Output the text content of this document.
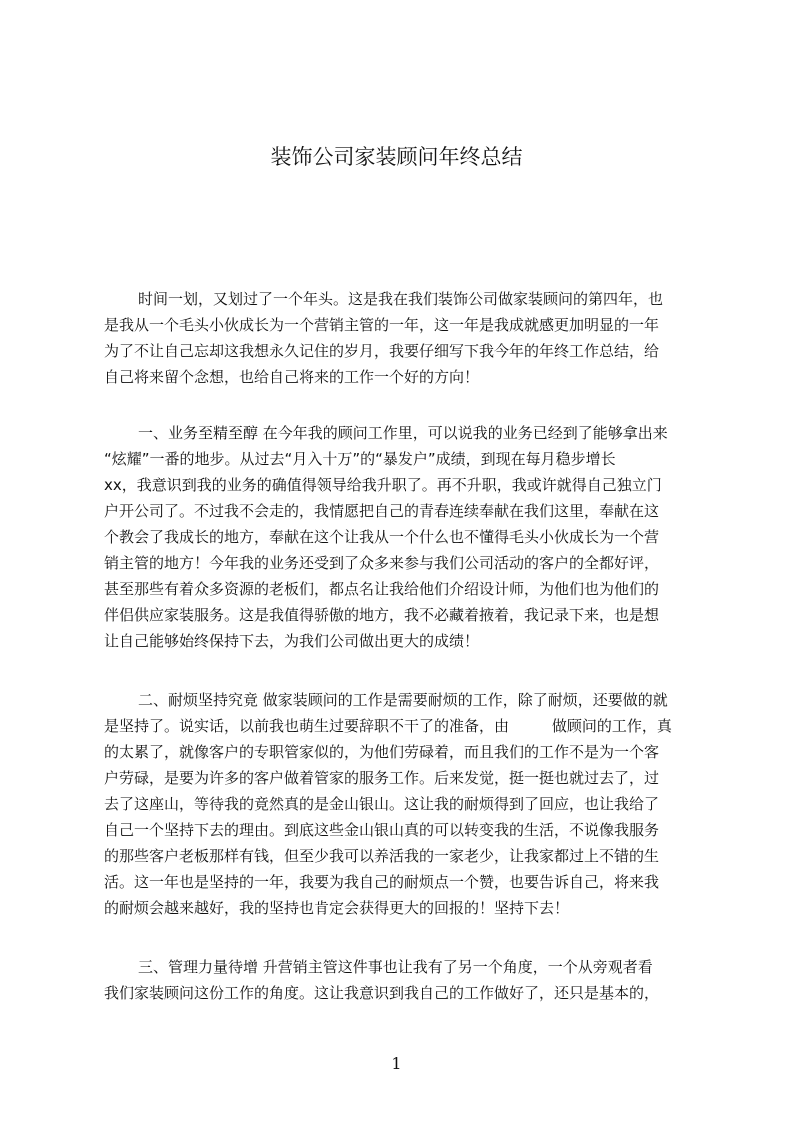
装饰公司家装顾问年终总结
时间一划，又划过了一个年头。这是我在我们装饰公司做家装顾问的第四年，也
是我从一个毛头小伙成长为一个营销主管的一年，这一年是我成就感更加明显的一年
为了不让自己忘却这我想永久记住的岁月，我要仔细写下我今年的年终工作总结，给
自己将来留个念想，也给自己将来的工作一个好的方向！
一、业务至精至醇 在今年我的顾问工作里，可以说我的业务已经到了能够拿出来
“炫耀”一番的地步。从过去“月入十万”的“暴发户”成绩，到现在每月稳步增长
xx，我意识到我的业务的确值得领导给我升职了。再不升职，我或许就得自己独立门
户开公司了。不过我不会走的，我情愿把自己的青春连续奉献在我们这里，奉献在这
个教会了我成长的地方，奉献在这个让我从一个什么也不懂得毛头小伙成长为一个营
销主管的地方！今年我的业务还受到了众多来参与我们公司活动的客户的全都好评，
甚至那些有着众多资源的老板们，都点名让我给他们介绍设计师，为他们也为他们的
伴侣供应家装服务。这是我值得骄傲的地方，我不必藏着掖着，我记录下来，也是想
让自己能够始终保持下去，为我们公司做出更大的成绩！
二、耐烦坚持究竟 做家装顾问的工作是需要耐烦的工作，除了耐烦，还要做的就
是坚持了。说实话，以前我也萌生过要辞职不干了的准备，由         做顾问的工作，真
的太累了，就像客户的专职管家似的，为他们劳碌着，而且我们的工作不是为一个客
户劳碌，是要为许多的客户做着管家的服务工作。后来发觉，挺一挺也就过去了，过
去了这座山，等待我的竟然真的是金山银山。这让我的耐烦得到了回应，也让我给了
自己一个坚持下去的理由。到底这些金山银山真的可以转变我的生活，不说像我服务
的那些客户老板那样有钱，但至少我可以养活我的一家老少，让我家都过上不错的生
活。这一年也是坚持的一年，我要为我自己的耐烦点一个赞，也要告诉自己，将来我
的耐烦会越来越好，我的坚持也肯定会获得更大的回报的！坚持下去！
三、管理力量待增 升营销主管这件事也让我有了另一个角度，一个从旁观者看
我们家装顾问这份工作的角度。这让我意识到我自己的工作做好了，还只是基本的，
1
